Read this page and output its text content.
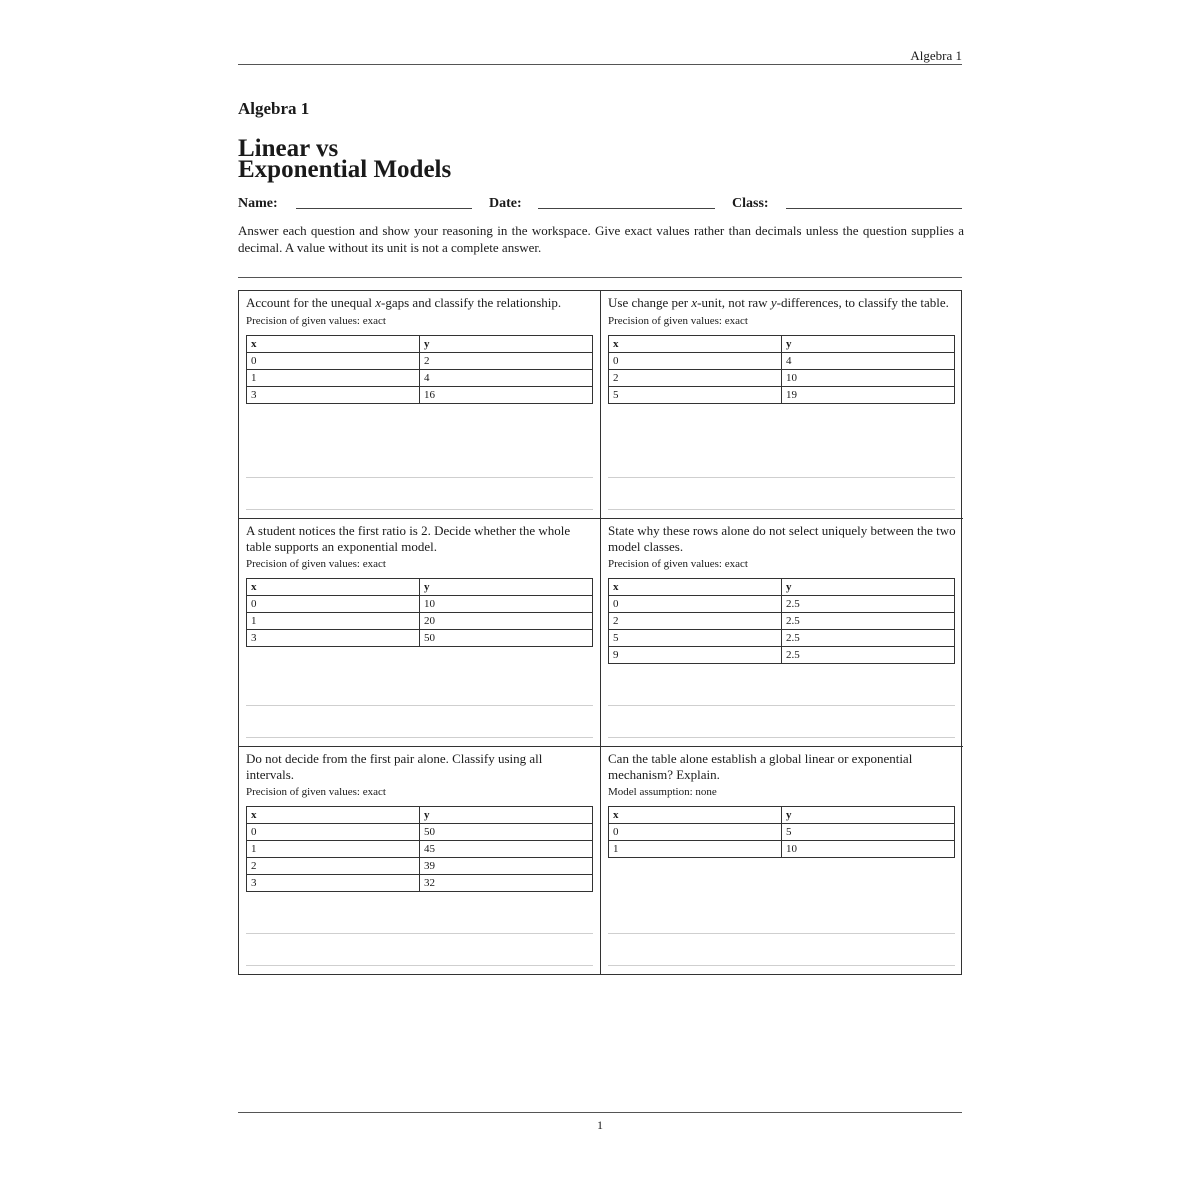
Algebra 1
Algebra 1
Linear vs
Exponential Models
Name:	Date:	Class:
Answer each question and show your reasoning in the workspace. Give exact values rather than decimals unless the question supplies a decimal. A value without its unit is not a complete answer.
Account for the unequal x-gaps and classify the relationship.
Precision of given values: exact
x	y
0	2
1	4
3	16
Use change per x-unit, not raw y-differences, to classify the table.
Precision of given values: exact
x	y
0	4
2	10
5	19
A student notices the first ratio is 2. Decide whether the whole table supports an exponential model.
Precision of given values: exact
x	y
0	10
1	20
3	50
State why these rows alone do not select uniquely between the two model classes.
Precision of given values: exact
x	y
0	2.5
2	2.5
5	2.5
9	2.5
Do not decide from the first pair alone. Classify using all intervals.
Precision of given values: exact
x	y
0	50
1	45
2	39
3	32
Can the table alone establish a global linear or exponential mechanism? Explain.
Model assumption: none
x	y
0	5
1	10
1
